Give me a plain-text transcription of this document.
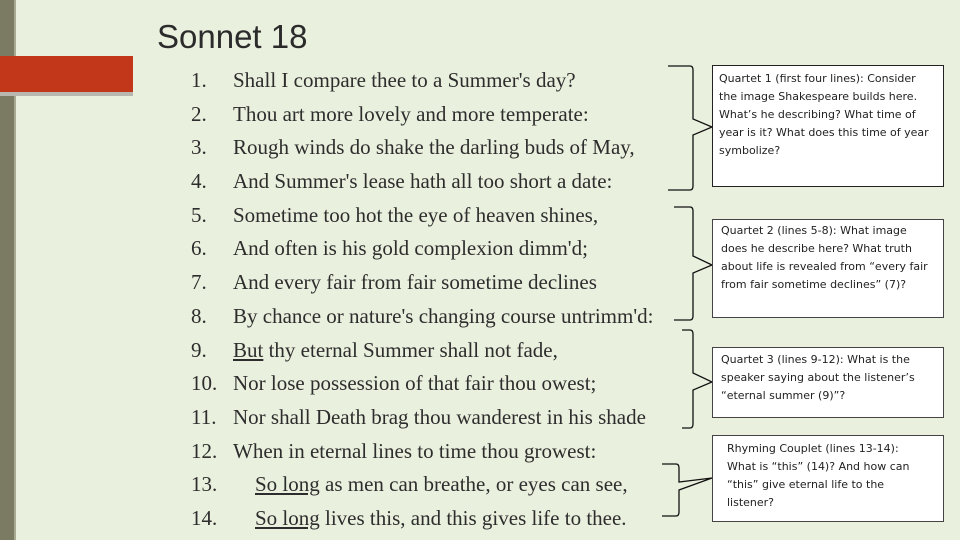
Sonnet 18
1. Shall I compare thee to a Summer's day?
2. Thou art more lovely and more temperate:
3. Rough winds do shake the darling buds of May,
4. And Summer's lease hath all too short a date:
5. Sometime too hot the eye of heaven shines,
6. And often is his gold complexion dimm'd;
7. And every fair from fair sometime declines
8. By chance or nature's changing course untrimm'd:
9. But thy eternal Summer shall not fade,
10. Nor lose possession of that fair thou owest;
11. Nor shall Death brag thou wanderest in his shade
12. When in eternal lines to time thou growest:
13. So long as men can breathe, or eyes can see,
14. So long lives this, and this gives life to thee.
Quartet 1 (first four lines): Consider the image Shakespeare builds here. What’s he describing? What time of year is it? What does this time of year symbolize?
Quartet 2 (lines 5-8): What image does he describe here? What truth about life is revealed from “every fair from fair sometime declines” (7)?
Quartet 3 (lines 9-12): What is the speaker saying about the listener’s “eternal summer (9)”?
Rhyming Couplet (lines 13-14): What is “this” (14)? And how can “this” give eternal life to the listener?
